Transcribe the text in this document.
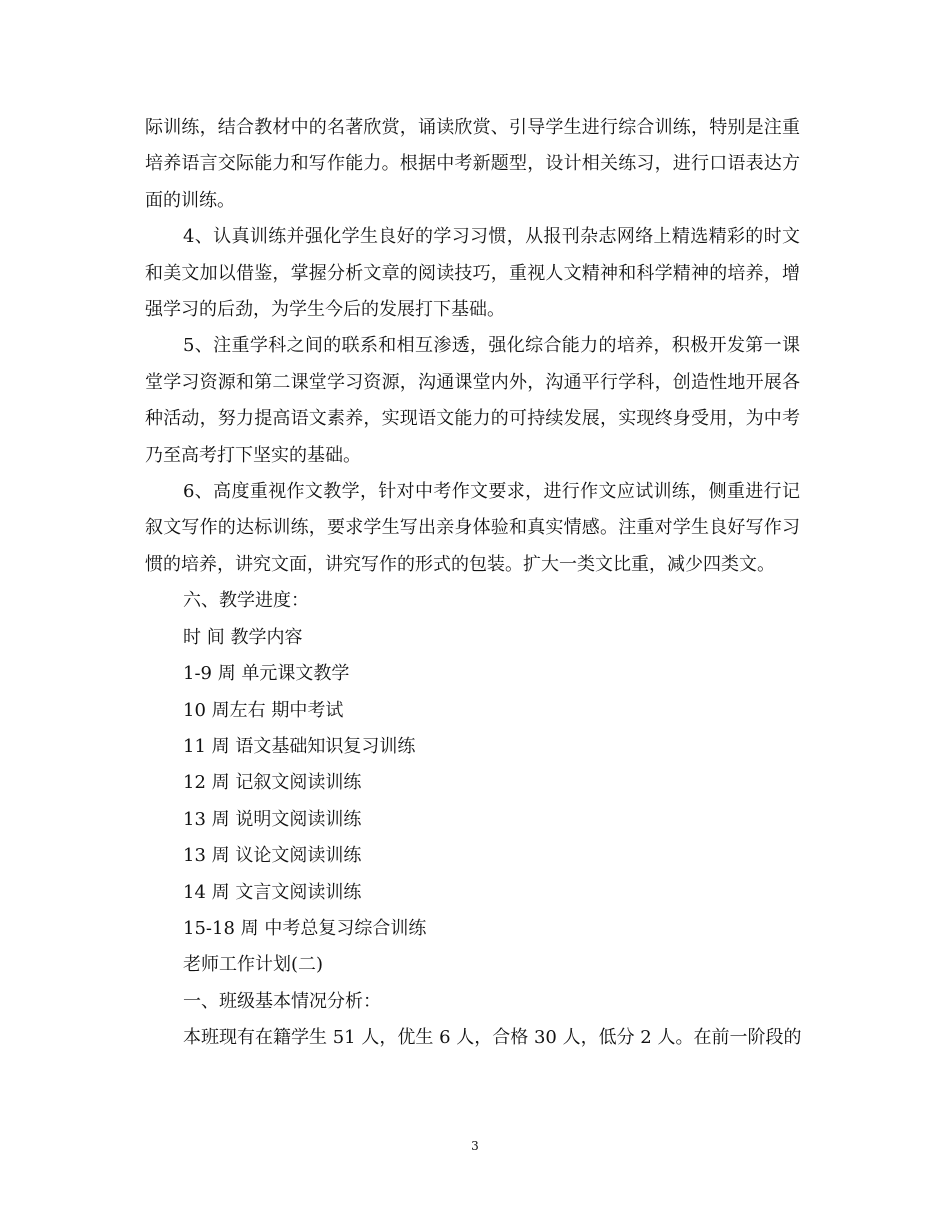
际训练，结合教材中的名著欣赏，诵读欣赏、引导学生进行综合训练，特别是注重培养语言交际能力和写作能力。根据中考新题型，设计相关练习，进行口语表达方面的训练。

4、认真训练并强化学生良好的学习习惯，从报刊杂志网络上精选精彩的时文和美文加以借鉴，掌握分析文章的阅读技巧，重视人文精神和科学精神的培养，增强学习的后劲，为学生今后的发展打下基础。

5、注重学科之间的联系和相互渗透，强化综合能力的培养，积极开发第一课堂学习资源和第二课堂学习资源，沟通课堂内外，沟通平行学科，创造性地开展各种活动，努力提高语文素养，实现语文能力的可持续发展，实现终身受用，为中考乃至高考打下坚实的基础。

6、高度重视作文教学，针对中考作文要求，进行作文应试训练，侧重进行记叙文写作的达标训练，要求学生写出亲身体验和真实情感。注重对学生良好写作习惯的培养，讲究文面，讲究写作的形式的包装。扩大一类文比重，减少四类文。

六、教学进度：

时 间 教学内容

1-9 周 单元课文教学

10 周左右 期中考试

11 周 语文基础知识复习训练

12 周 记叙文阅读训练

13 周 说明文阅读训练

13 周 议论文阅读训练

14 周 文言文阅读训练

15-18 周 中考总复习综合训练

老师工作计划(二)

一、班级基本情况分析：

本班现有在籍学生 51 人，优生 6 人，合格 30 人，低分 2 人。在前一阶段的

3
